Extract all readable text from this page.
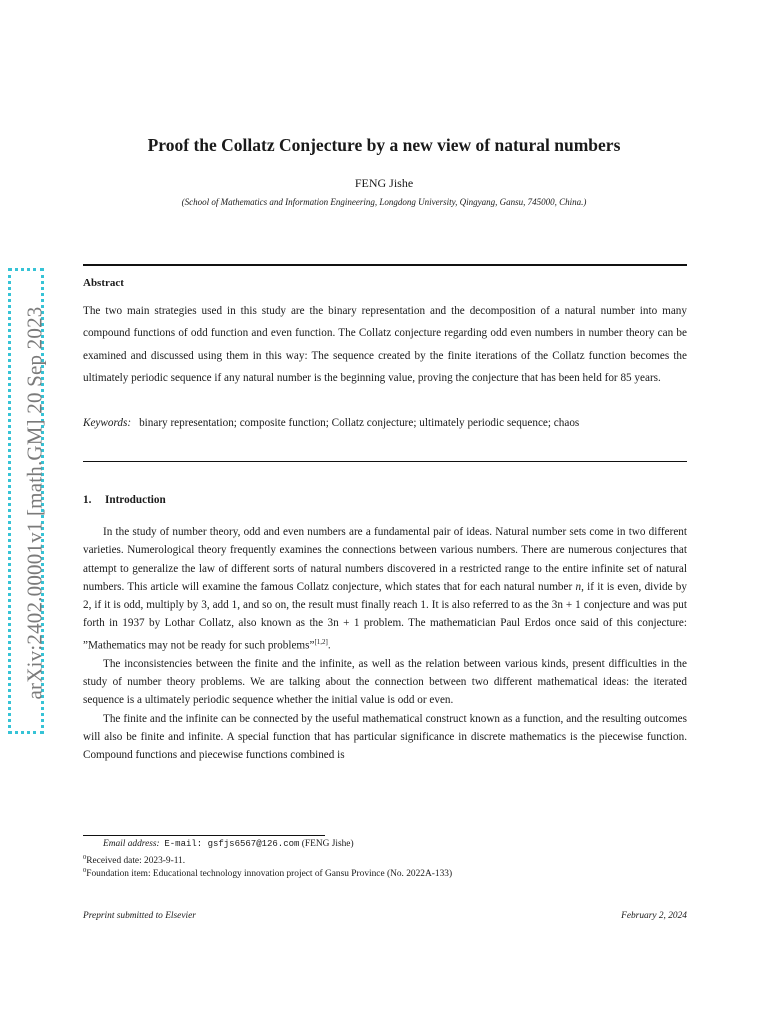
arXiv:2402.00001v1 [math.GM] 20 Sep 2023
Proof the Collatz Conjecture by a new view of natural numbers
FENG Jishe
(School of Mathematics and Information Engineering, Longdong University, Qingyang, Gansu, 745000, China.)
Abstract
The two main strategies used in this study are the binary representation and the decomposition of a natural number into many compound functions of odd function and even function. The Collatz conjecture regarding odd even numbers in number theory can be examined and discussed using them in this way: The sequence created by the finite iterations of the Collatz function becomes the ultimately periodic sequence if any natural number is the beginning value, proving the conjecture that has been held for 85 years.
Keywords: binary representation; composite function; Collatz conjecture; ultimately periodic sequence; chaos
1. Introduction

In the study of number theory, odd and even numbers are a fundamental pair of ideas. Natural number sets come in two different varieties. Numerological theory frequently examines the connections between various numbers. There are numerous conjectures that attempt to generalize the law of different sorts of natural numbers discovered in a restricted range to the entire infinite set of natural numbers. This article will examine the famous Collatz conjecture, which states that for each natural number n, if it is even, divide by 2, if it is odd, multiply by 3, add 1, and so on, the result must finally reach 1. It is also referred to as the 3n + 1 conjecture and was put forth in 1937 by Lothar Collatz, also known as the 3n + 1 problem. The mathematician Paul Erdos once said of this conjecture: ”Mathematics may not be ready for such problems”[1,2].

The inconsistencies between the finite and the infinite, as well as the relation between various kinds, present difficulties in the study of number theory problems. We are talking about the connection between two different mathematical ideas: the iterated sequence is a ultimately periodic sequence whether the initial value is odd or even.

The finite and the infinite can be connected by the useful mathematical construct known as a function, and the resulting outcomes will also be finite and infinite. A special function that has particular significance in discrete mathematics is the piecewise function. Compound functions and piecewise functions combined is

Email address: E-mail: gsfjs6567@126.com (FENG Jishe)
$^0$Received date: 2023-9-11.
$^0$Foundation item: Educational technology innovation project of Gansu Province (No. 2022A-133)
Preprint submitted to Elsevier	February 2, 2024
